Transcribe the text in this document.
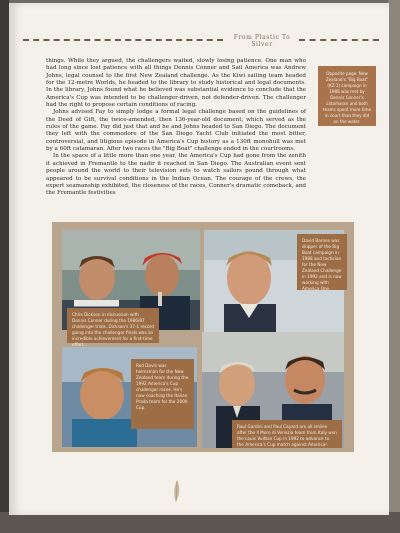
From Plastic To Silver

things. While they argued, the challengers waited, slowly losing patience. One man who had long since lost patience with all things Dennis Conner and Sail America was Andrew Johns, legal counsel to the first New Zealand challenge. As the Kiwi sailing team headed for the 12-metre Worlds, he headed to the library to study historical and legal documents. In the library, Johns found what he believed was substantial evidence to conclude that the America's Cup was intended to be challenger-driven, not defender-driven. The challenger had the right to propose certain conditions of racing.

Johns advised Fay to simply lodge a formal legal challenge based on the guidelines of the Deed of Gift, the twice-amended, then 136-year-old document, which served as the rules of the game. Fay did just that and he and Johns headed to San Diego. The document they left with the commodore of the San Diego Yacht Club initiated the most bitter, controversial, and litigious episode in America's Cup history as a 130ft monohull was met by a 60ft catamaran. After two races the "Big Boat" challenge ended in the courtrooms.

In the space of a little more than one year, the America's Cup had gone from the zenith it achieved in Fremantle to the nadir it reached in San Diego. The Australian event sent people around the world to their television sets to watch sailors pound through what appeared to be survival conditions in the Indian Ocean. The courage of the crews, the expert seamanship exhibited, the closeness of the races, Conner's dramatic comeback, and the Fremantle festivities

Opposite page: New Zealand's "Big Boat" (KZ-1) campaign in 1988 was met by Dennis Conner's catamaran and both teams spent more time in court than they did on the water.
Chris Dickson in discussion with Dennis Conner during the 1986/87 challenger trials. Dickson's 37-1 record going into the challenger finals was an incredible achievement for a first-time effort.
David Barnes was skipper of the Big Boat campaign in 1988 and tactician for the New Zealand Challenge in 1992 and is now working with America One.
Rod Davis was helmsman for the New Zealand team during the 1992 America's Cup challenger races. He's now coaching the Italian Prada team for the 2000 Cup.
Raul Gardini and Paul Cayard are all smiles after the Il Moro di Venezia team from Italy won the Louis Vuitton Cup in 1992 to advance to the America's Cup match against America³.
